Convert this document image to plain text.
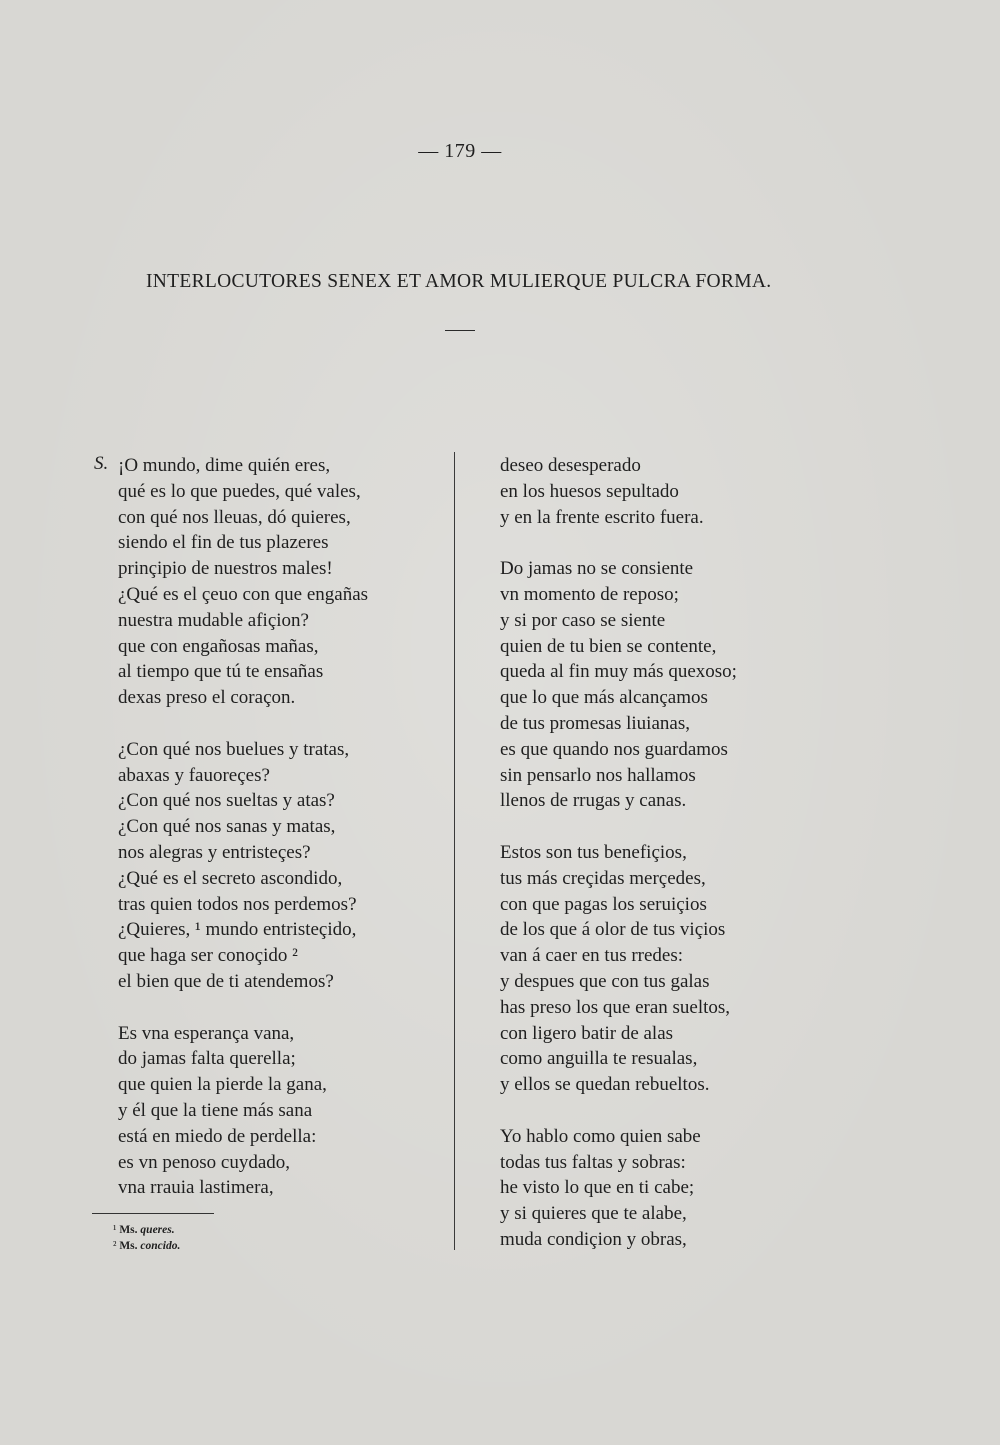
— 179 —
INTERLOCUTORES SENEX ET AMOR MULIERQUE PULCRA FORMA.
S. ¡O mundo, dime quién eres,
qué es lo que puedes, qué vales,
con qué nos lleuas, dó quieres,
siendo el fin de tus plazeres
prinçipio de nuestros males!
¿Qué es el çeuo con que engañas
nuestra mudable afiçion?
que con engañosas mañas,
al tiempo que tú te ensañas
dexas preso el coraçon.
¿Con qué nos buelues y tratas,
abaxas y fauoreçes?
¿Con qué nos sueltas y atas?
¿Con qué nos sanas y matas,
nos alegras y entristeçes?
¿Qué es el secreto ascondido,
tras quien todos nos perdemos?
¿Quieres, ¹ mundo entristeçido,
que haga ser conoçido ²
el bien que de ti atendemos?
Es vna esperança vana,
do jamas falta querella;
que quien la pierde la gana,
y él que la tiene más sana
está en miedo de perdella:
es vn penoso cuydado,
vna rrauia lastimera,
deseo desesperado
en los huesos sepultado
y en la frente escrito fuera.
Do jamas no se consiente
vn momento de reposo;
y si por caso se siente
quien de tu bien se contente,
queda al fin muy más quexoso;
que lo que más alcançamos
de tus promesas liuianas,
es que quando nos guardamos
sin pensarlo nos hallamos
llenos de rrugas y canas.
Estos son tus benefiçios,
tus más creçidas merçedes,
con que pagas los seruiçios
de los que á olor de tus viçios
van á caer en tus rredes:
y despues que con tus galas
has preso los que eran sueltos,
con ligero batir de alas
como anguilla te resualas,
y ellos se quedan rebueltos.
Yo hablo como quien sabe
todas tus faltas y sobras:
he visto lo que en ti cabe;
y si quieres que te alabe,
muda condiçion y obras,
¹ Ms. queres.
² Ms. concido.
